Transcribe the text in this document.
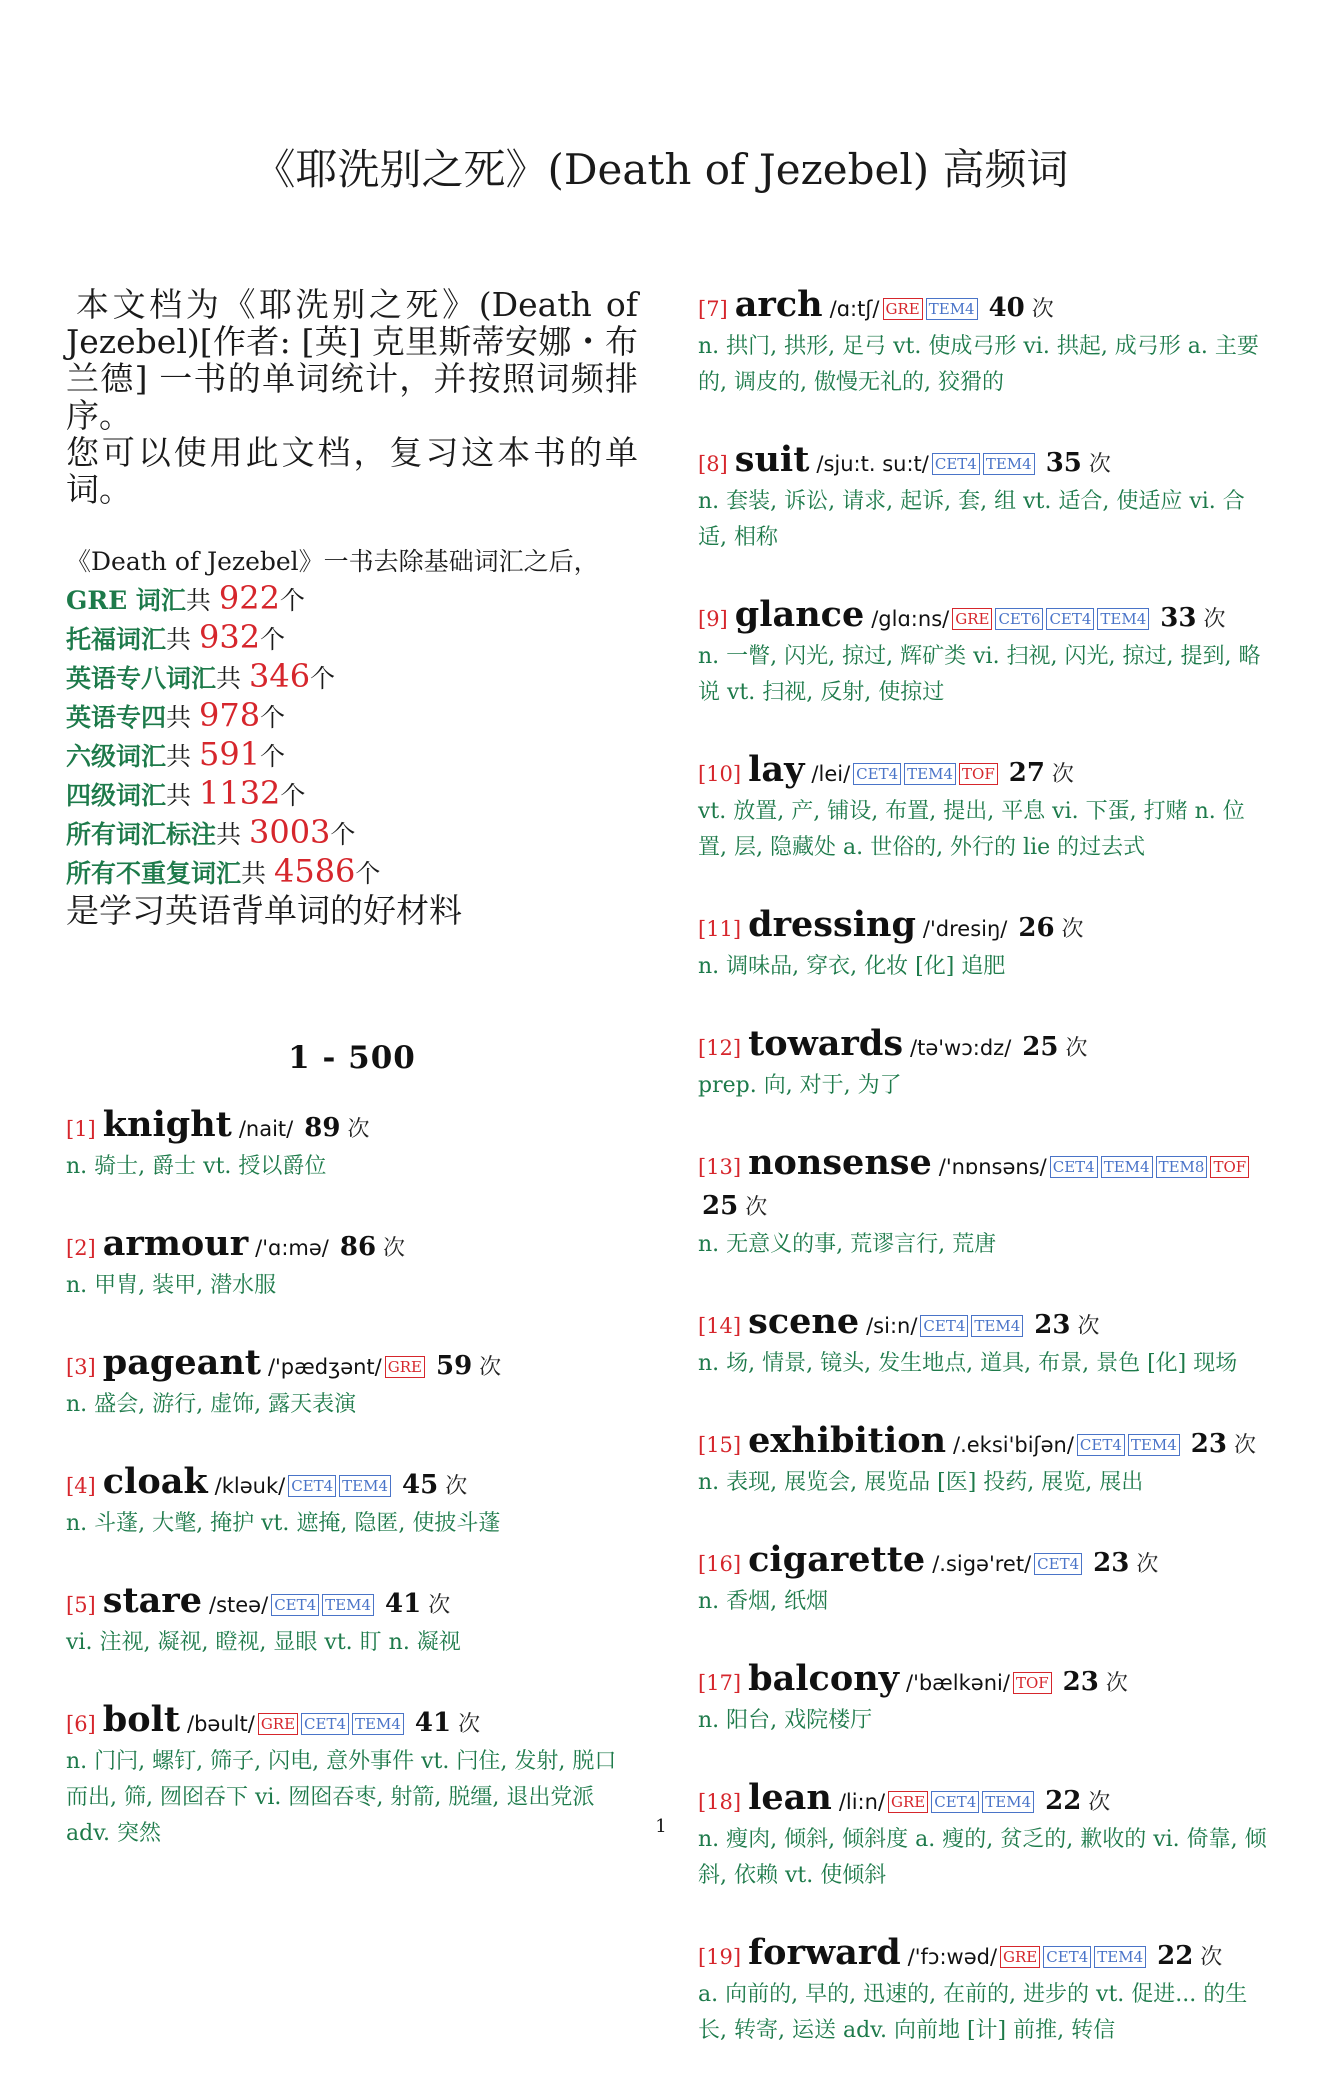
《耶洗别之死》(Death of Jezebel) 高频词

本文档为《耶洗别之死》(Death of Jezebel)[作者: [英] 克里斯蒂安娜・布兰德] 一书的单词统计，并按照词频排序。

您可以使用此文档，复习这本书的单词。

《Death of Jezebel》一书去除基础词汇之后，
GRE 词汇共 922个
托福词汇共 932个
英语专八词汇共 346个
英语专四共 978个
六级词汇共 591个
四级词汇共 1132个
所有词汇标注共 3003个
所有不重复词汇共 4586个
是学习英语背单词的好材料
1 - 500
[1] knight /nait/ 89 次
n. 骑士, 爵士 vt. 授以爵位
[2] armour /'ɑ:mə/ 86 次
n. 甲胄, 装甲, 潜水服
[3] pageant /'pædʒənt/ GRE 59 次
n. 盛会, 游行, 虚饰, 露天表演
[4] cloak /kləuk/ CET4 TEM4 45 次
n. 斗蓬, 大氅, 掩护 vt. 遮掩, 隐匿, 使披斗蓬
[5] stare /steə/ CET4 TEM4 41 次
vi. 注视, 凝视, 瞪视, 显眼 vt. 盯 n. 凝视
[6] bolt /bəult/ GRE CET4 TEM4 41 次
n. 门闩, 螺钉, 筛子, 闪电, 意外事件 vt. 闩住, 发射, 脱口而出, 筛, 囫囵吞下 vi. 囫囵吞枣, 射箭, 脱缰, 退出党派 adv. 突然
[7] arch /ɑ:tʃ/ GRE TEM4 40 次
n. 拱门, 拱形, 足弓 vt. 使成弓形 vi. 拱起, 成弓形 a. 主要的, 调皮的, 傲慢无礼的, 狡猾的
[8] suit /sju:t. su:t/ CET4 TEM4 35 次
n. 套装, 诉讼, 请求, 起诉, 套, 组 vt. 适合, 使适应 vi. 合适, 相称
[9] glance /glɑ:ns/ GRE CET6 CET4 TEM4 33 次
n. 一瞥, 闪光, 掠过, 辉矿类 vi. 扫视, 闪光, 掠过, 提到, 略说 vt. 扫视, 反射, 使掠过
[10] lay /lei/ CET4 TEM4 TOF 27 次
vt. 放置, 产, 铺设, 布置, 提出, 平息 vi. 下蛋, 打赌 n. 位置, 层, 隐藏处 a. 世俗的, 外行的 lie 的过去式
[11] dressing /'dresiŋ/ 26 次
n. 调味品, 穿衣, 化妆 [化] 追肥
[12] towards /tə'wɔ:dz/ 25 次
prep. 向, 对于, 为了
[13] nonsense /'nɒnsəns/ CET4 TEM4 TEM8 TOF 25 次
n. 无意义的事, 荒谬言行, 荒唐
[14] scene /si:n/ CET4 TEM4 23 次
n. 场, 情景, 镜头, 发生地点, 道具, 布景, 景色 [化] 现场
[15] exhibition /.eksi'biʃən/ CET4 TEM4 23 次
n. 表现, 展览会, 展览品 [医] 投药, 展览, 展出
[16] cigarette /.sigə'ret/ CET4 23 次
n. 香烟, 纸烟
[17] balcony /'bælkəni/ TOF 23 次
n. 阳台, 戏院楼厅
[18] lean /li:n/ GRE CET4 TEM4 22 次
n. 瘦肉, 倾斜, 倾斜度 a. 瘦的, 贫乏的, 歉收的 vi. 倚靠, 倾斜, 依赖 vt. 使倾斜
[19] forward /'fɔ:wəd/ GRE CET4 TEM4 22 次
a. 向前的, 早的, 迅速的, 在前的, 进步的 vt. 促进... 的生长, 转寄, 运送 adv. 向前地 [计] 前推, 转信
1
